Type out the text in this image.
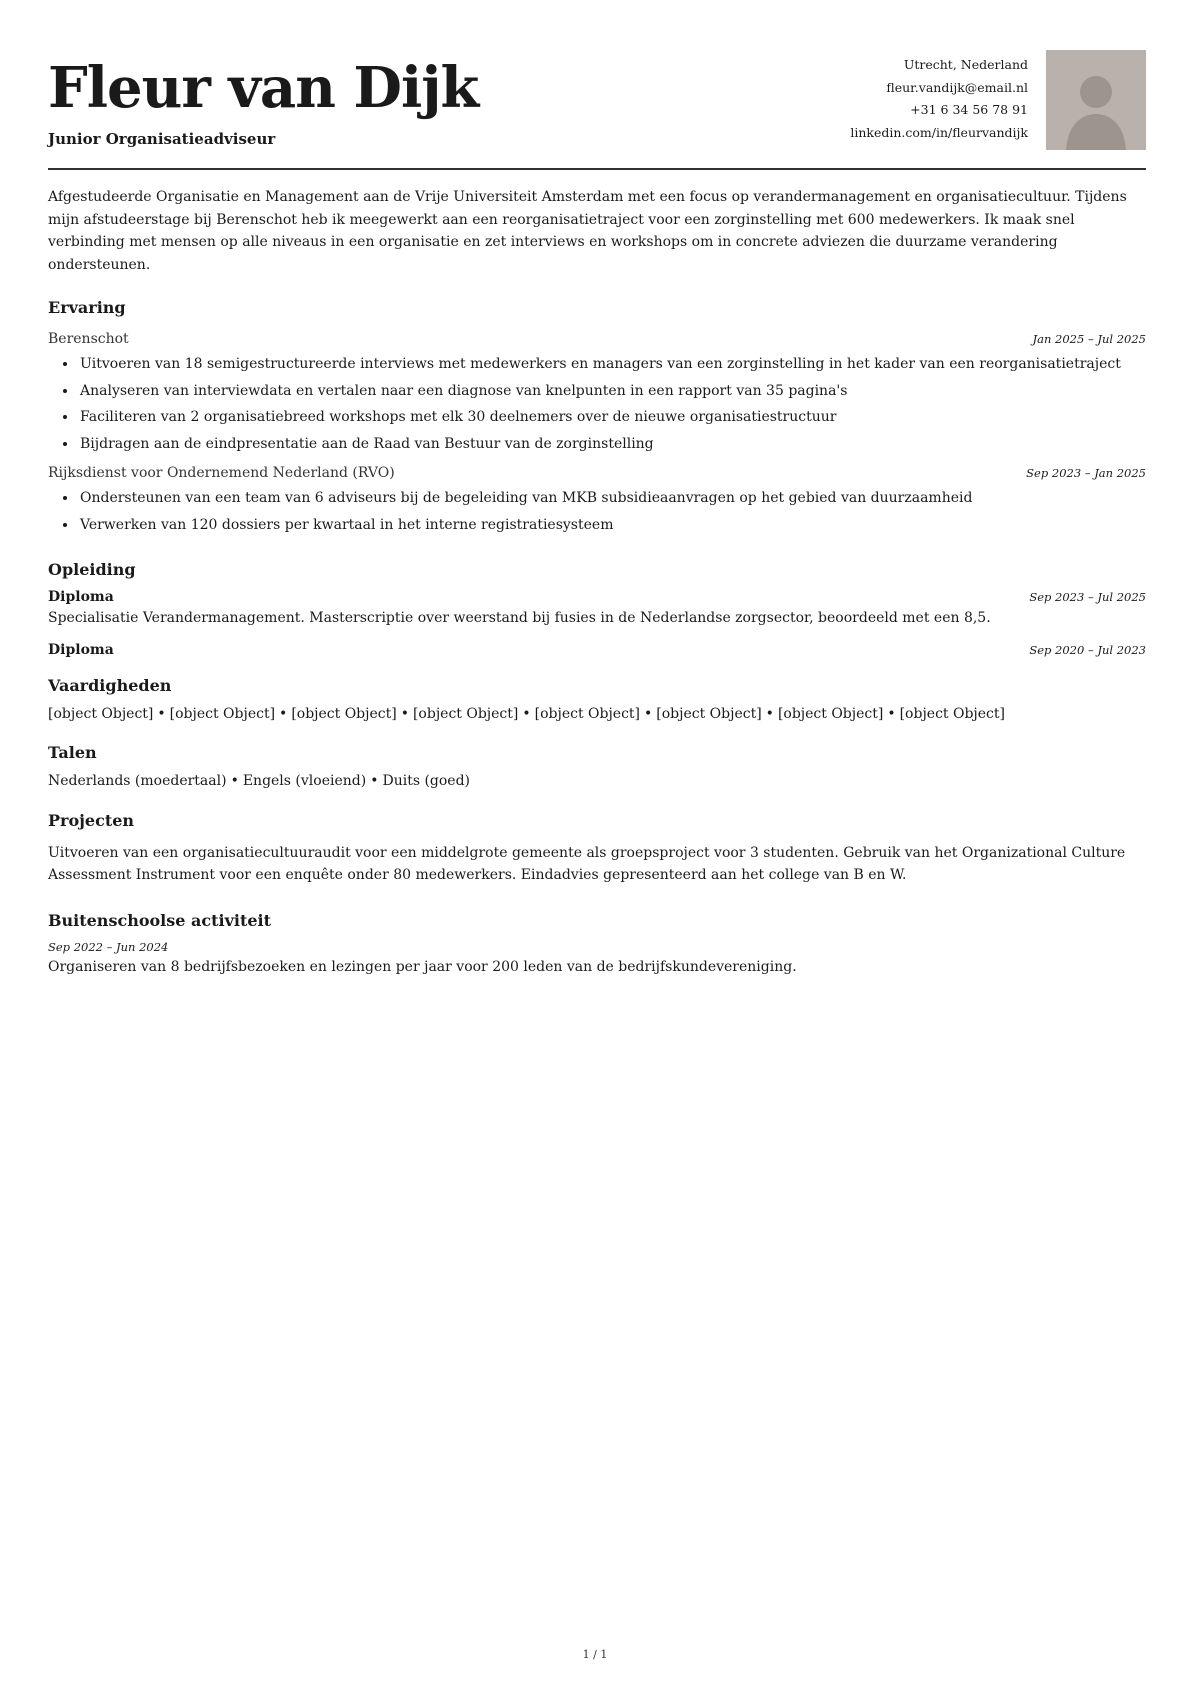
Fleur van Dijk
Junior Organisatieadviseur
Utrecht, Nederland
fleur.vandijk@email.nl
+31 6 34 56 78 91
linkedin.com/in/fleurvandijk

Afgestudeerde Organisatie en Management aan de Vrije Universiteit Amsterdam met een focus op verandermanagement en organisatiecultuur. Tijdens mijn afstudeerstage bij Berenschot heb ik meegewerkt aan een reorganisatietraject voor een zorginstelling met 600 medewerkers. Ik maak snel verbinding met mensen op alle niveaus in een organisatie en zet interviews en workshops om in concrete adviezen die duurzame verandering ondersteunen.

Ervaring
Berenschot	Jan 2025 – Jul 2025
• Uitvoeren van 18 semigestructureerde interviews met medewerkers en managers van een zorginstelling in het kader van een reorganisatietraject
• Analyseren van interviewdata en vertalen naar een diagnose van knelpunten in een rapport van 35 pagina's
• Faciliteren van 2 organisatiebreed workshops met elk 30 deelnemers over de nieuwe organisatiestructuur
• Bijdragen aan de eindpresentatie aan de Raad van Bestuur van de zorginstelling
Rijksdienst voor Ondernemend Nederland (RVO)	Sep 2023 – Jan 2025
• Ondersteunen van een team van 6 adviseurs bij de begeleiding van MKB subsidieaanvragen op het gebied van duurzaamheid
• Verwerken van 120 dossiers per kwartaal in het interne registratiesysteem
Opleiding
Diploma	Sep 2023 – Jul 2025

Specialisatie Verandermanagement. Masterscriptie over weerstand bij fusies in de Nederlandse zorgsector, beoordeeld met een 8,5.

Diploma	Sep 2020 – Jul 2023
Vaardigheden

[object Object] • [object Object] • [object Object] • [object Object] • [object Object] • [object Object] • [object Object] • [object Object]

Talen

Nederlands (moedertaal) • Engels (vloeiend) • Duits (goed)

Projecten

Uitvoeren van een organisatiecultuuraudit voor een middelgrote gemeente als groepsproject voor 3 studenten. Gebruik van het Organizational Culture Assessment Instrument voor een enquête onder 80 medewerkers. Eindadvies gepresenteerd aan het college van B en W.

Buitenschoolse activiteit
Sep 2022 – Jun 2024

Organiseren van 8 bedrijfsbezoeken en lezingen per jaar voor 200 leden van de bedrijfskundevereniging.

1 / 1
